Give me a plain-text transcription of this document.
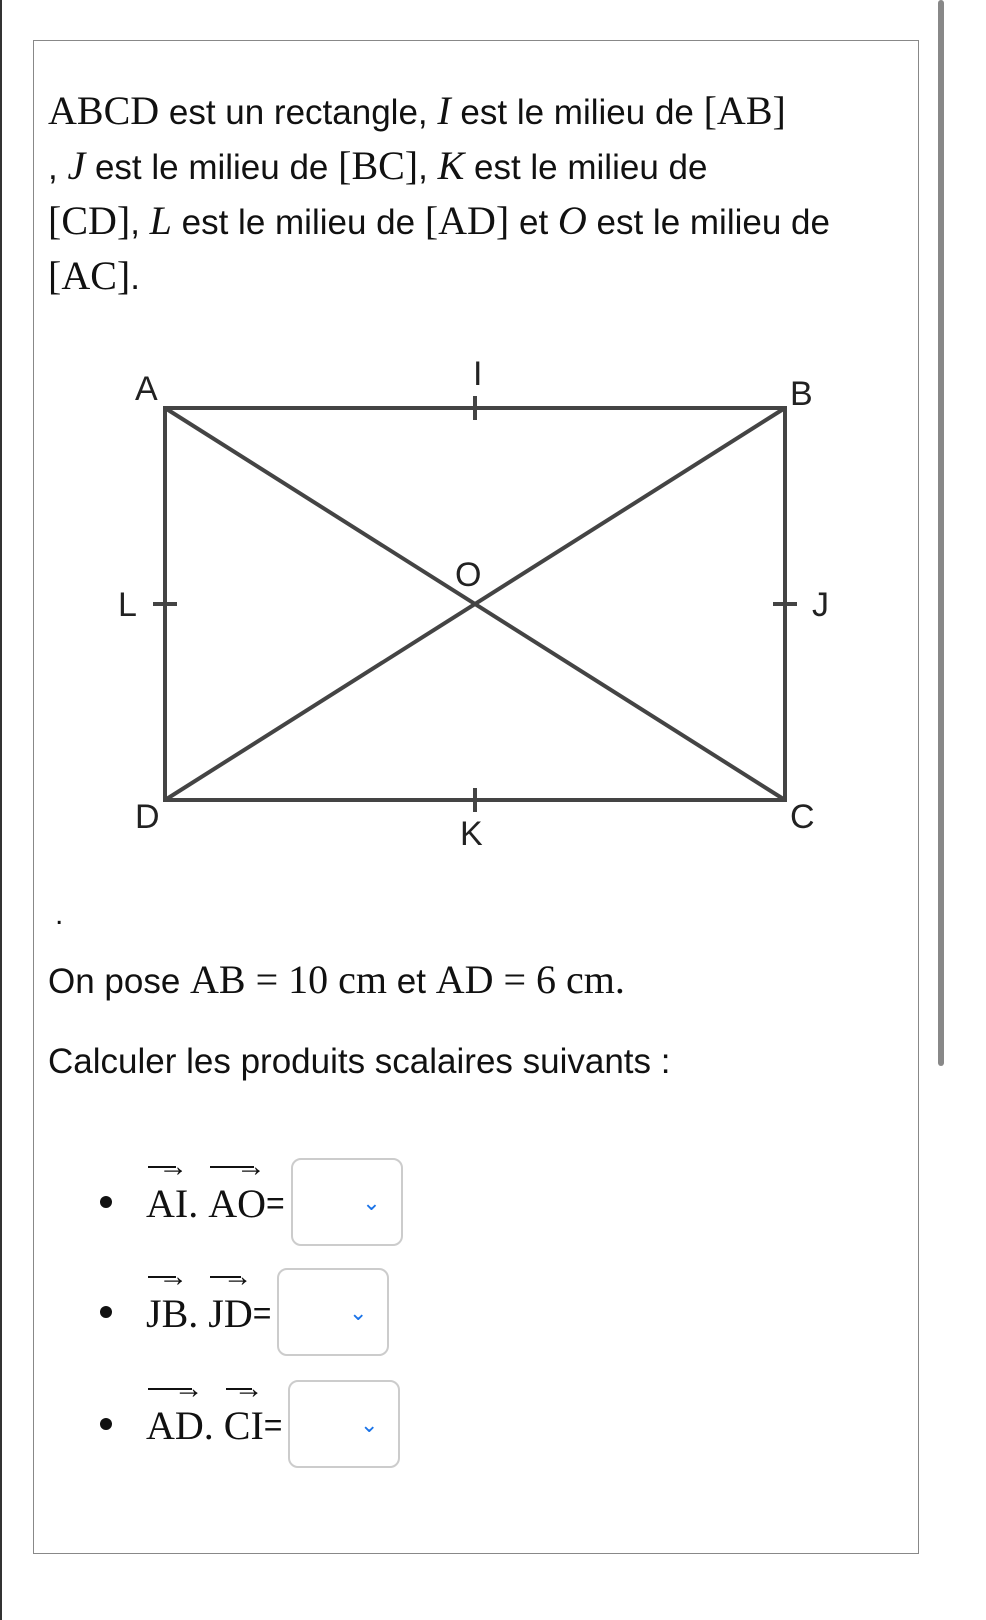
ABCD est un rectangle, I est le milieu de [AB]
, J est le milieu de [BC], K est le milieu de
[CD], L est le milieu de [AD] et O est le milieu de [AC].
A	B
C
D
I
J
K
L
O
.
On pose AB = 10 cm et AD = 6 cm.
Calculer les produits scalaires suivants :
→
AI .
→
AO =	⌄
→
JB .
→
JD =	⌄
→
AD .
→
CI =	⌄
